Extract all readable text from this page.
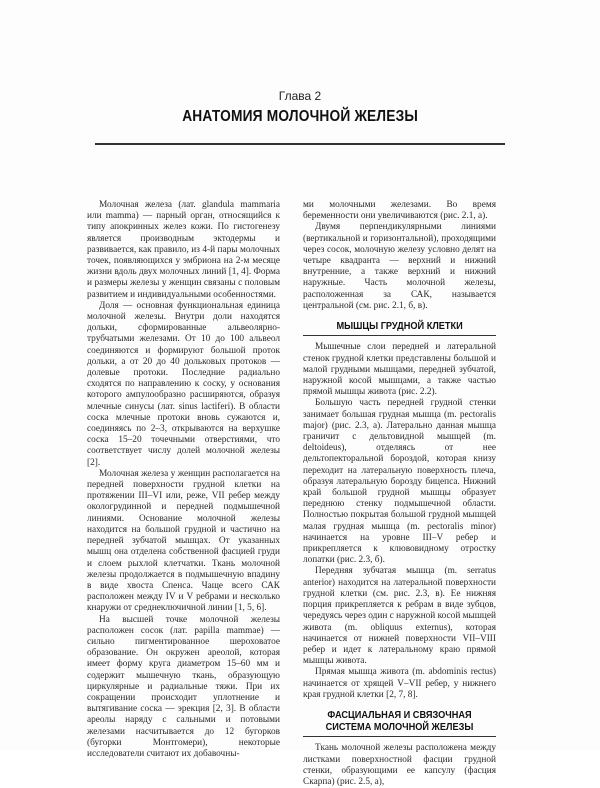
Глава 2
АНАТОМИЯ МОЛОЧНОЙ ЖЕЛЕЗЫ

Молочная железа (лат. glandula mammaria или mamma) — парный орган, относящийся к типу апокринных желез кожи. По гистогенезу является производным эктодермы и развивается, как правило, из 4-й пары молочных точек, появляющихся у эмбриона на 2-м месяце жизни вдоль двух молочных линий [1, 4]. Форма и размеры железы у женщин связаны с половым развитием и индивидуальными особенностями.

Доля — основная функциональная единица молочной железы. Внутри доли находятся дольки, сформированные альвеолярно-трубчатыми железами. От 10 до 100 альвеол соединяются и формируют большой проток дольки, а от 20 до 40 дольковых протоков — долевые протоки. Последние радиально сходятся по направлению к соску, у основания которого ампулообразно расширяются, образуя млечные синусы (лат. sinus lactiferi). В области соска млечные протоки вновь сужаются и, соединяясь по 2–3, открываются на верхушке соска 15–20 точечными отверстиями, что соответствует числу долей молочной железы [2].

Молочная железа у женщин располагается на передней поверхности грудной клетки на протяжении III–VI или, реже, VII ребер между окологрудинной и передней подмышечной линиями. Основание молочной железы находится на большой грудной и частично на передней зубчатой мышцах. От указанных мышц она отделена собственной фасцией груди и слоем рыхлой клетчатки. Ткань молочной железы продолжается в подмышечную впадину в виде хвоста Спенса. Чаще всего САК расположен между IV и V ребрами и несколько кнаружи от среднеключичной линии [1, 5, 6].

На высшей точке молочной железы расположен сосок (лат. papilla mammae) — сильно пигментированное шероховатое образование. Он окружен ареолой, которая имеет форму круга диаметром 15–60 мм и содержит мышечную ткань, образующую циркулярные и радиальные тяжи. При их сокращении происходит уплотнение и вытягивание соска — эрекция [2, 3]. В области ареолы наряду с сальными и потовыми железами насчитывается до 12 бугорков (бугорки Монтгомери), некоторые исследователи считают их добавочны-

ми молочными железами. Во время беременности они увеличиваются (рис. 2.1, а).

Двумя перпендикулярными линиями (вертикальной и горизонтальной), проходящими через сосок, молочную железу условно делят на четыре квадранта — верхний и нижний внутренние, а также верхний и нижний наружные. Часть молочной железы, расположенная за САК, называется центральной (см. рис. 2.1, б, в).

МЫШЦЫ ГРУДНОЙ КЛЕТКИ

Мышечные слои передней и латеральной стенок грудной клетки представлены большой и малой грудными мышцами, передней зубчатой, наружной косой мышцами, а также частью прямой мышцы живота (рис. 2.2).

Большую часть передней грудной стенки занимает большая грудная мышца (m. pectoralis major) (рис. 2.3, а). Латерально данная мышца граничит с дельтовидной мышцей (m. deltoideus), отделяясь от нее дельтопекторальной бороздой, которая книзу переходит на латеральную поверхность плеча, образуя латеральную борозду бицепса. Нижний край большой грудной мышцы образует переднюю стенку подмышечной области. Полностью покрытая большой грудной мышцей малая грудная мышца (m. pectoralis minor) начинается на уровне III–V ребер и прикрепляется к клювовидному отростку лопатки (рис. 2.3, б).

Передняя зубчатая мышца (m. serratus anterior) находится на латеральной поверхности грудной клетки (см. рис. 2.3, в). Ее нижняя порция прикрепляется к ребрам в виде зубцов, чередуясь через один с наружной косой мышцей живота (m. obliquus externus), которая начинается от нижней поверхности VII–VIII ребер и идет к латеральному краю прямой мышцы живота.

Прямая мышца живота (m. abdominis rectus) начинается от хрящей V–VII ребер, у нижнего края грудной клетки [2, 7, 8].

ФАСЦИАЛЬНАЯ И СВЯЗОЧНАЯ СИСТЕМА МОЛОЧНОЙ ЖЕЛЕЗЫ

Ткань молочной железы расположена между листками поверхностной фасции грудной стенки, образующими ее капсулу (фасция Скарпа) (рис. 2.5, а),
